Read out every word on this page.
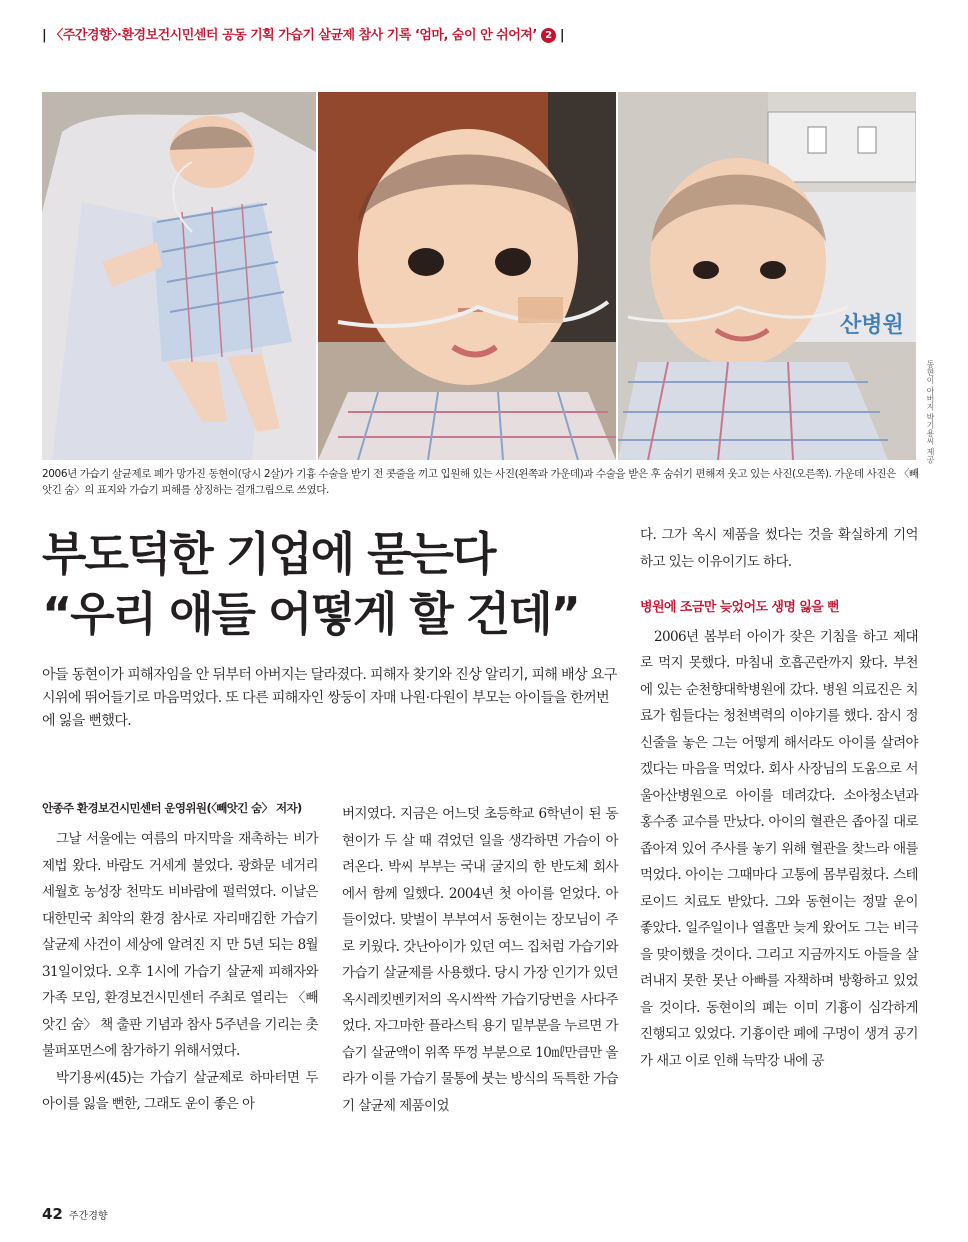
| 〈주간경향〉·환경보건시민센터 공동 기획 가습기 살균제 참사 기록 ‘엄마, 숨이 안 쉬어져’ 2 |
산병원
동현이 아버지 박기용씨 제공
2006년 가습기 살균제로 폐가 망가진 동현이(당시 2살)가 기흉 수술을 받기 전 콧줄을 끼고 입원해 있는 사진(왼쪽과 가운데)과 수술을 받은 후 숨쉬기 편해져 웃고 있는 사진(오른쪽). 가운데 사진은 〈빼앗긴 숨〉의 표지와 가습기 피해를 상징하는 걸개그림으로 쓰였다.
부도덕한 기업에 묻는다
“우리 애들 어떻게 할 건데”
아들 동현이가 피해자임을 안 뒤부터 아버지는 달라졌다. 피해자 찾기와 진상 알리기, 피해 배상 요구 시위에 뛰어들기로 마음먹었다. 또 다른 피해자인 쌍둥이 자매 나원·다원이 부모는 아이들을 한꺼번에 잃을 뻔했다.
안종주 환경보건시민센터 운영위원(〈빼앗긴 숨〉 저자)

그날 서울에는 여름의 마지막을 재촉하는 비가 제법 왔다. 바람도 거세게 불었다. 광화문 네거리 세월호 농성장 천막도 비바람에 펄럭였다. 이날은 대한민국 최악의 환경 참사로 자리매김한 가습기 살균제 사건이 세상에 알려진 지 만 5년 되는 8월 31일이었다. 오후 1시에 가습기 살균제 피해자와 가족 모임, 환경보건시민센터 주최로 열리는 〈빼앗긴 숨〉 책 출판 기념과 참사 5주년을 기리는 촛불퍼포먼스에 참가하기 위해서였다.

박기용씨(45)는 가습기 살균제로 하마터면 두 아이를 잃을 뻔한, 그래도 운이 좋은 아

버지였다. 지금은 어느덧 초등학교 6학년이 된 동현이가 두 살 때 겪었던 일을 생각하면 가슴이 아려온다. 박씨 부부는 국내 굴지의 한 반도체 회사에서 함께 일했다. 2004년 첫 아이를 얻었다. 아들이었다. 맞벌이 부부여서 동현이는 장모님이 주로 키웠다. 갓난아이가 있던 여느 집처럼 가습기와 가습기 살균제를 사용했다. 당시 가장 인기가 있던 옥시레킷벤키저의 옥시싹싹 가습기당번을 사다주었다. 자그마한 플라스틱 용기 밑부분을 누르면 가습기 살균액이 위쪽 뚜껑 부분으로 10㎖만큼만 올라가 이를 가습기 물통에 붓는 방식의 독특한 가습기 살균제 제품이었

다. 그가 옥시 제품을 썼다는 것을 확실하게 기억하고 있는 이유이기도 하다.

병원에 조금만 늦었어도 생명 잃을 뻔

2006년 봄부터 아이가 잦은 기침을 하고 제대로 먹지 못했다. 마침내 호흡곤란까지 왔다. 부천에 있는 순천향대학병원에 갔다. 병원 의료진은 치료가 힘들다는 청천벽력의 이야기를 했다. 잠시 정신줄을 놓은 그는 어떻게 해서라도 아이를 살려야겠다는 마음을 먹었다. 회사 사장님의 도움으로 서울아산병원으로 아이를 데려갔다. 소아청소년과 홍수종 교수를 만났다. 아이의 혈관은 좁아질 대로 좁아져 있어 주사를 놓기 위해 혈관을 찾느라 애를 먹었다. 아이는 그때마다 고통에 몸부림쳤다. 스테로이드 치료도 받았다. 그와 동현이는 정말 운이 좋았다. 일주일이나 열흘만 늦게 왔어도 그는 비극을 맞이했을 것이다. 그리고 지금까지도 아들을 살려내지 못한 못난 아빠를 자책하며 방황하고 있었을 것이다. 동현이의 폐는 이미 기흉이 심각하게 진행되고 있었다. 기흉이란 폐에 구멍이 생겨 공기가 새고 이로 인해 늑막강 내에 공

42 주간경향
